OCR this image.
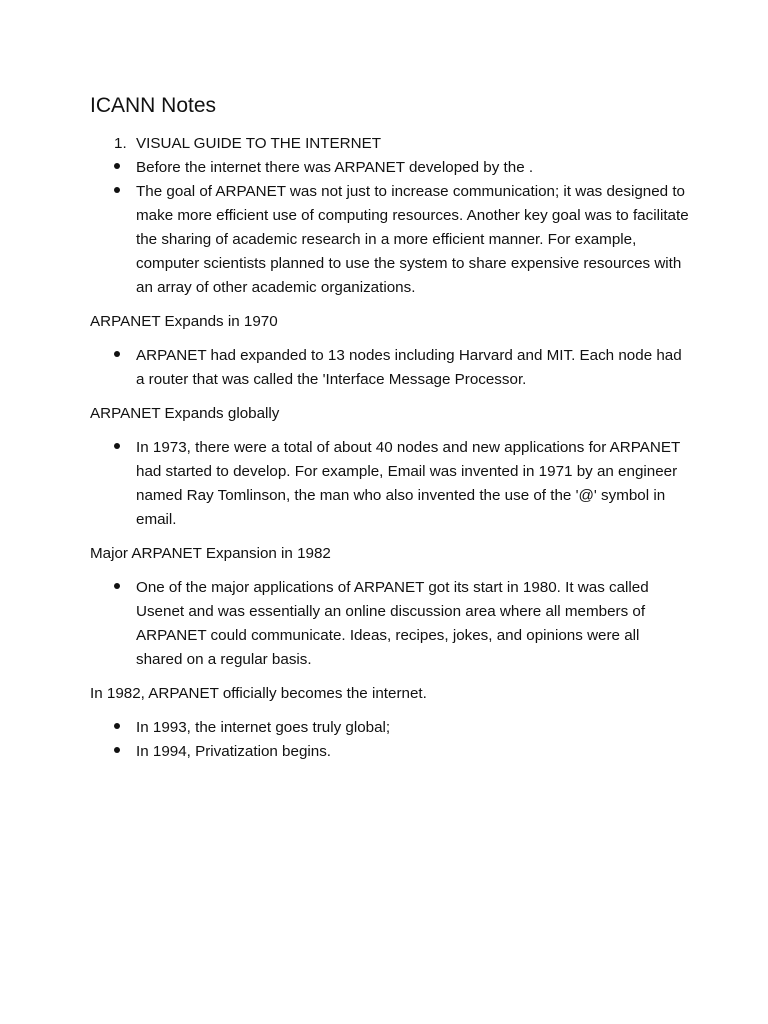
ICANN Notes
1. VISUAL GUIDE TO THE INTERNET
Before the internet there was ARPANET developed by the .
The goal of ARPANET was not just to increase communication; it was designed to make more efficient use of computing resources. Another key goal was to facilitate the sharing of academic research in a more efficient manner. For example, computer scientists planned to use the system to share expensive resources with an array of other academic organizations.

ARPANET Expands in 1970

ARPANET had expanded to 13 nodes including Harvard and MIT. Each node had a router that was called the 'Interface Message Processor.

ARPANET Expands globally

In 1973, there were a total of about 40 nodes and new applications for ARPANET had started to develop. For example, Email was invented in 1971 by an engineer named Ray Tomlinson, the man who also invented the use of the '@' symbol in email.

Major ARPANET Expansion in 1982

One of the major applications of ARPANET got its start in 1980. It was called Usenet and was essentially an online discussion area where all members of ARPANET could communicate. Ideas, recipes, jokes, and opinions were all shared on a regular basis.

In 1982, ARPANET officially becomes the internet.

In 1993, the internet goes truly global;
In 1994, Privatization begins.
